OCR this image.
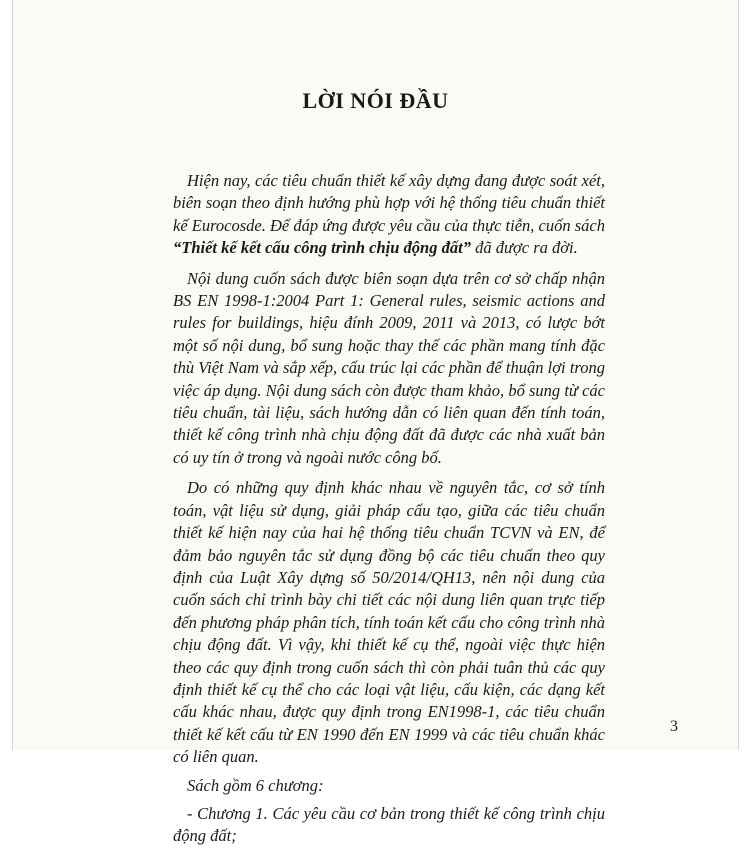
LỜI NÓI ĐẦU

Hiện nay, các tiêu chuẩn thiết kế xây dựng đang được soát xét, biên soạn theo định hướng phù hợp với hệ thống tiêu chuẩn thiết kế Eurocosde. Để đáp ứng được yêu cầu của thực tiễn, cuốn sách “Thiết kế kết cấu công trình chịu động đất” đã được ra đời.

Nội dung cuốn sách được biên soạn dựa trên cơ sở chấp nhận BS EN 1998-1:2004 Part 1: General rules, seismic actions and rules for buildings, hiệu đính 2009, 2011 và 2013, có lược bớt một số nội dung, bổ sung hoặc thay thế các phần mang tính đặc thù Việt Nam và sắp xếp, cấu trúc lại các phần để thuận lợi trong việc áp dụng. Nội dung sách còn được tham khảo, bổ sung từ các tiêu chuẩn, tài liệu, sách hướng dẫn có liên quan đến tính toán, thiết kế công trình nhà chịu động đất đã được các nhà xuất bản có uy tín ở trong và ngoài nước công bố.

Do có những quy định khác nhau về nguyên tắc, cơ sở tính toán, vật liệu sử dụng, giải pháp cấu tạo, giữa các tiêu chuẩn thiết kế hiện nay của hai hệ thống tiêu chuẩn TCVN và EN, để đảm bảo nguyên tắc sử dụng đồng bộ các tiêu chuẩn theo quy định của Luật Xây dựng số 50/2014/QH13, nên nội dung của cuốn sách chỉ trình bày chi tiết các nội dung liên quan trực tiếp đến phương pháp phân tích, tính toán kết cấu cho công trình nhà chịu động đất. Vì vậy, khi thiết kế cụ thể, ngoài việc thực hiện theo các quy định trong cuốn sách thì còn phải tuân thủ các quy định thiết kế cụ thể cho các loại vật liệu, cấu kiện, các dạng kết cấu khác nhau, được quy định trong EN1998-1, các tiêu chuẩn thiết kế kết cấu từ EN 1990 đến EN 1999 và các tiêu chuẩn khác có liên quan.

Sách gồm 6 chương:

- Chương 1. Các yêu cầu cơ bản trong thiết kế công trình chịu động đất;

3
